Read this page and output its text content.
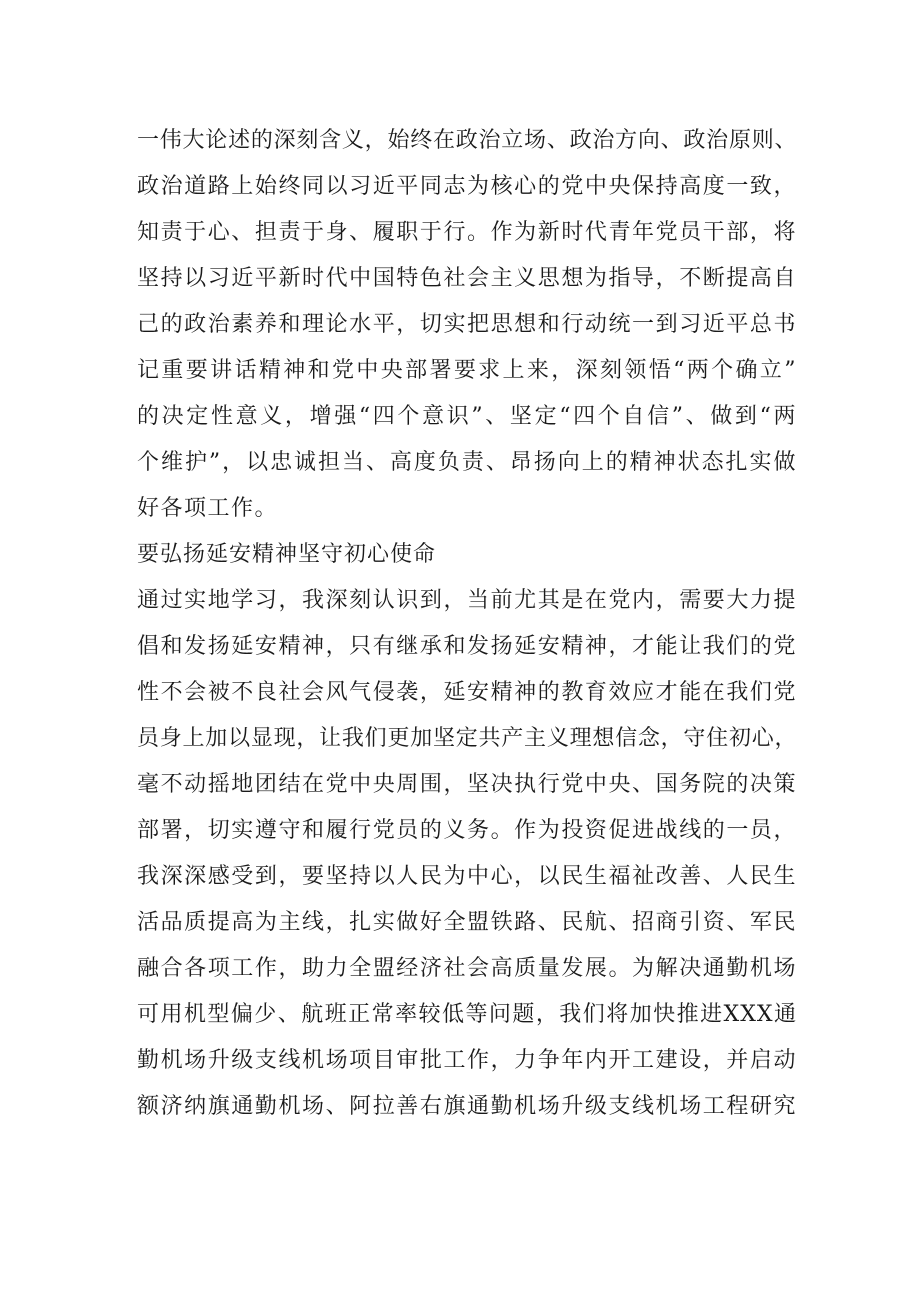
一伟大论述的深刻含义，始终在政治立场、政治方向、政治原则、
政治道路上始终同以习近平同志为核心的党中央保持高度一致，
知责于心、担责于身、履职于行。作为新时代青年党员干部，将
坚持以习近平新时代中国特色社会主义思想为指导，不断提高自
己的政治素养和理论水平，切实把思想和行动统一到习近平总书
记重要讲话精神和党中央部署要求上来，深刻领悟“两个确立”
的决定性意义，增强“四个意识”、坚定“四个自信”、做到“两
个维护”，以忠诚担当、高度负责、昂扬向上的精神状态扎实做
好各项工作。
要弘扬延安精神坚守初心使命
通过实地学习，我深刻认识到，当前尤其是在党内，需要大力提
倡和发扬延安精神，只有继承和发扬延安精神，才能让我们的党
性不会被不良社会风气侵袭，延安精神的教育效应才能在我们党
员身上加以显现，让我们更加坚定共产主义理想信念，守住初心，
毫不动摇地团结在党中央周围，坚决执行党中央、国务院的决策
部署，切实遵守和履行党员的义务。作为投资促进战线的一员，
我深深感受到，要坚持以人民为中心，以民生福祉改善、人民生
活品质提高为主线，扎实做好全盟铁路、民航、招商引资、军民
融合各项工作，助力全盟经济社会高质量发展。为解决通勤机场
可用机型偏少、航班正常率较低等问题，我们将加快推进XXX通
勤机场升级支线机场项目审批工作，力争年内开工建设，并启动
额济纳旗通勤机场、阿拉善右旗通勤机场升级支线机场工程研究
